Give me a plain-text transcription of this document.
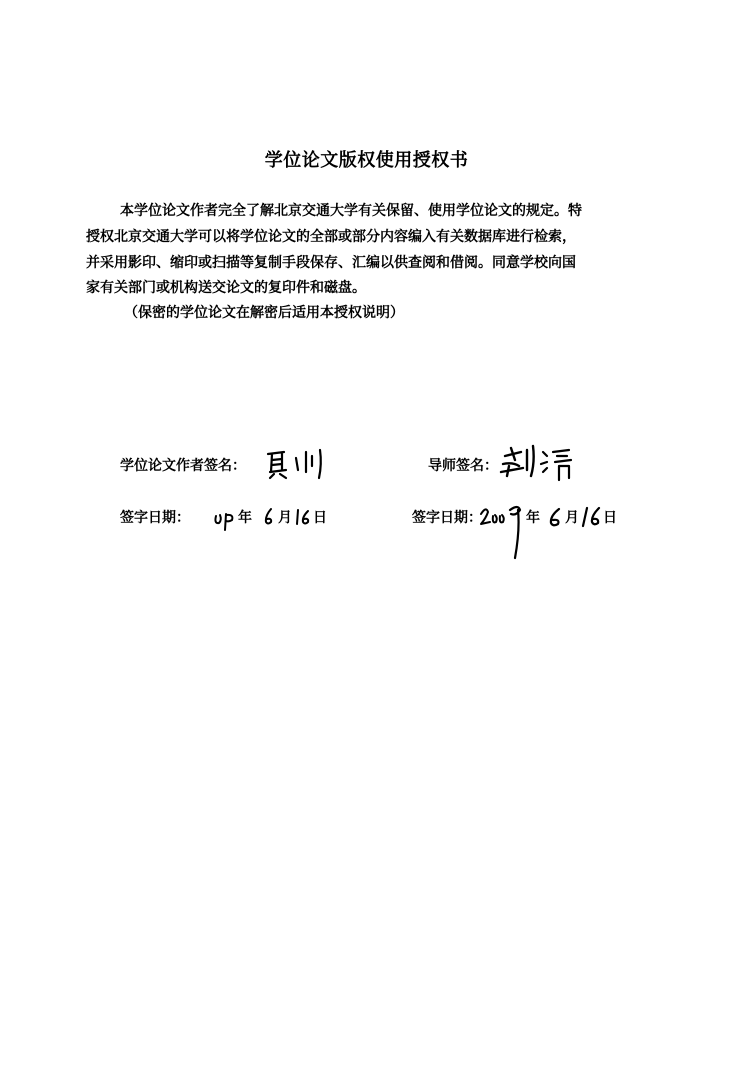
学位论文版权使用授权书
本学位论文作者完全了解北京交通大学有关保留、使用学位论文的规定。特
授权北京交通大学可以将学位论文的全部或部分内容编入有关数据库进行检索，
并采用影印、缩印或扫描等复制手段保存、汇编以供查阅和借阅。同意学校向国
家有关部门或机构送交论文的复印件和磁盘。
（保密的学位论文在解密后适用本授权说明）
学位论文作者签名：	导师签名：
签字日期：	年 月 日	签字日期：	年 月 日
